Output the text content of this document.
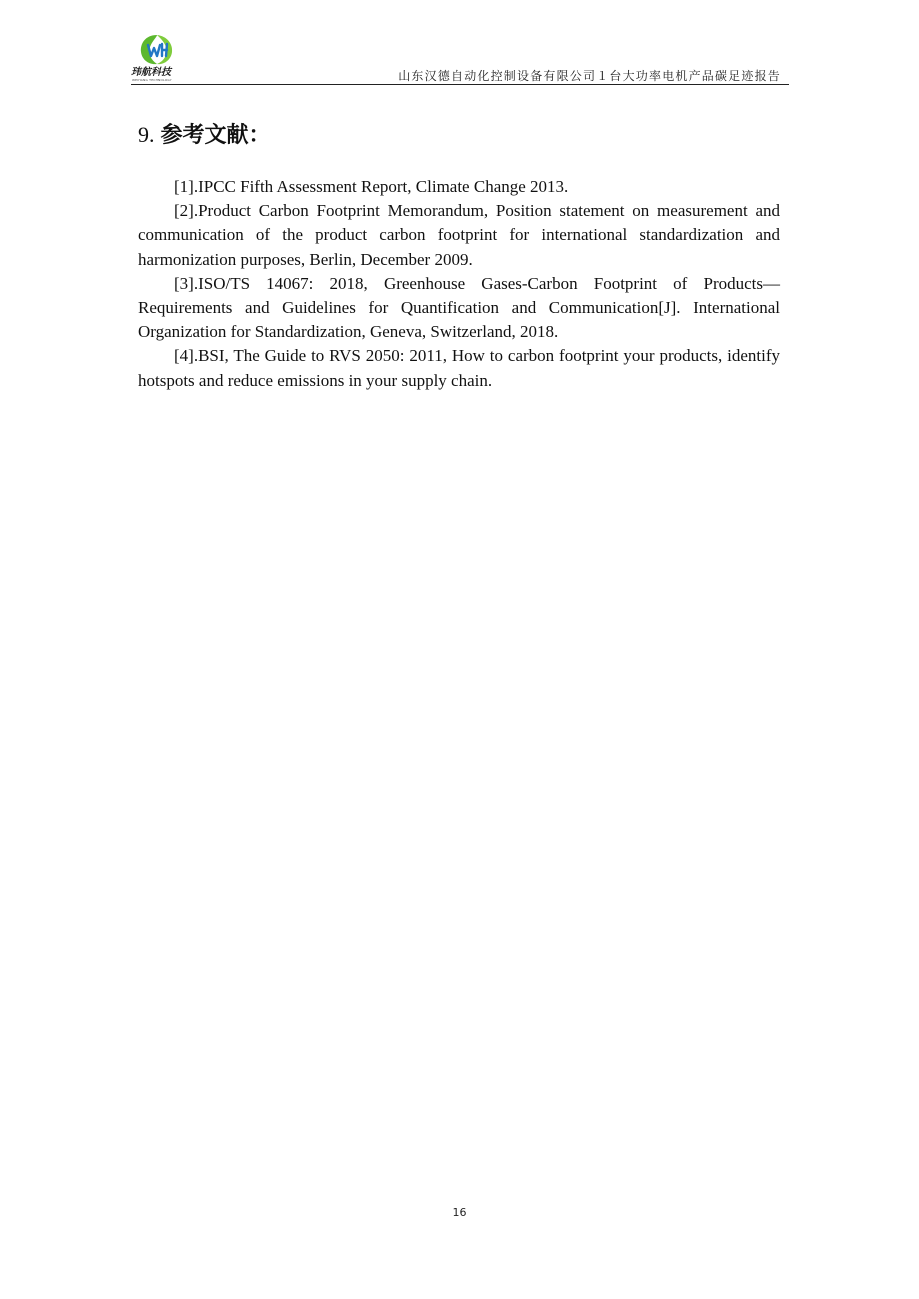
玮航科技
WEIHANG TECHNOLOGY	山东汉德自动化控制设备有限公司１台大功率电机产品碳足迹报告
9. 参考文献：

[1].IPCC Fifth Assessment Report, Climate Change 2013.

[2].Product Carbon Footprint Memorandum, Position statement on measurement and communication of the product carbon footprint for international standardization and harmonization purposes, Berlin, December 2009.

[3].ISO/TS 14067: 2018, Greenhouse Gases-Carbon Footprint of Products—Requirements and Guidelines for Quantification and Communication[J]. International Organization for Standardization, Geneva, Switzerland, 2018.

[4].BSI, The Guide to RVS 2050: 2011, How to carbon footprint your products, identify hotspots and reduce emissions in your supply chain.

16
